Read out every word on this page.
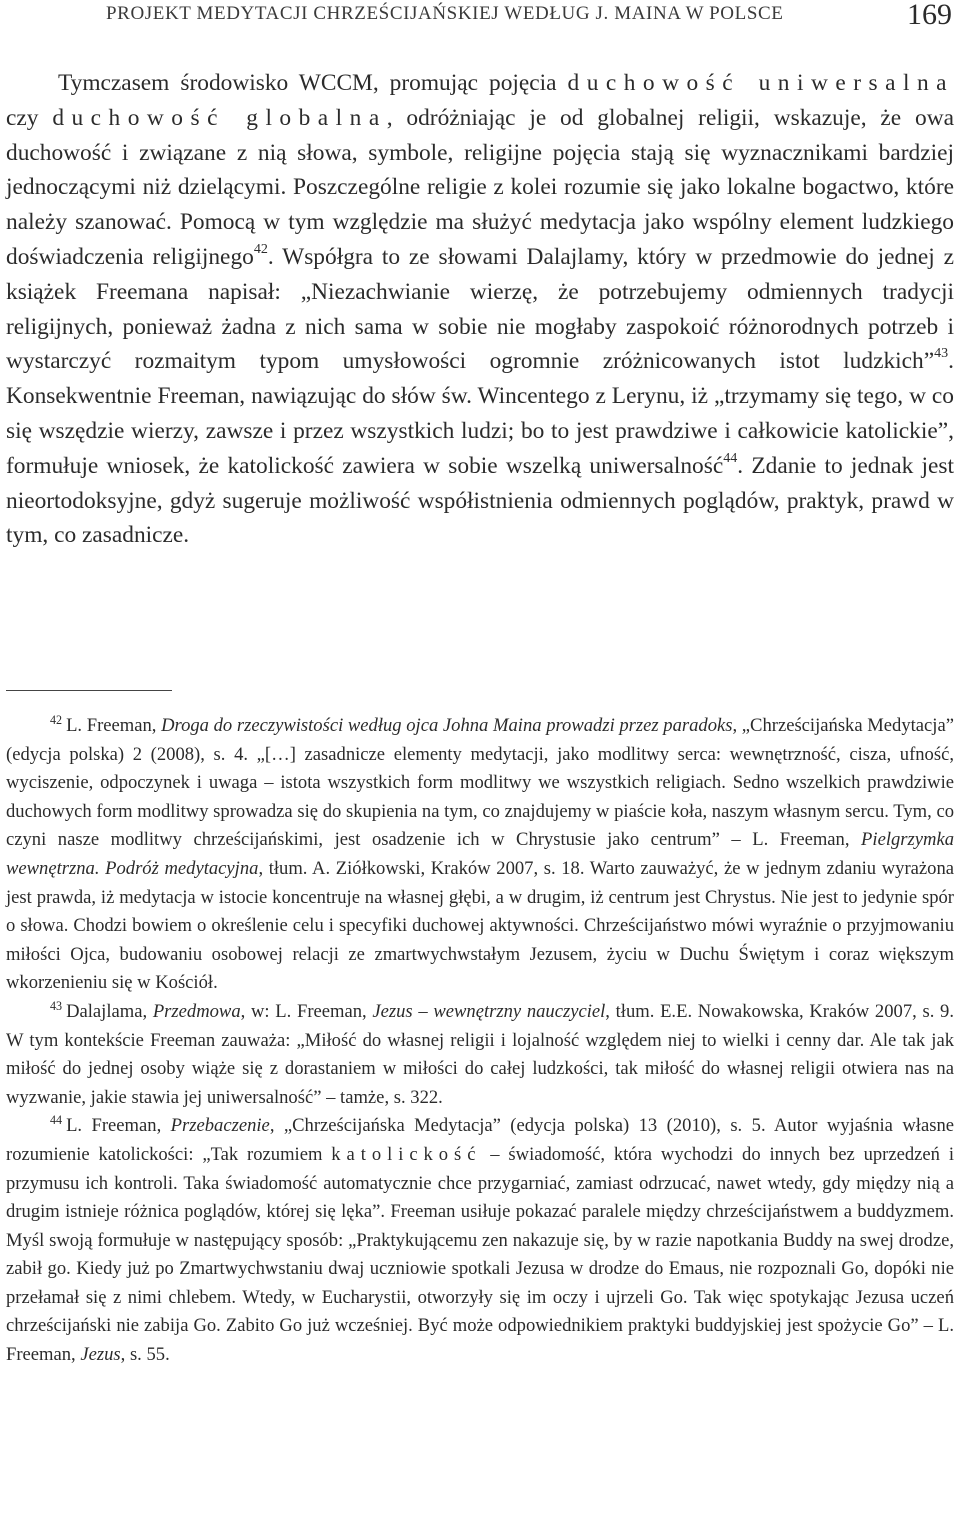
PROJEKT MEDYTACJI CHRZEŚCIJAŃSKIEJ WEDŁUG J. MAINA W POLSCE	169

Tymczasem środowisko WCCM, promując pojęcia duchowość uniwersalna czy duchowość globalna, odróżniając je od globalnej religii, wskazuje, że owa duchowość i związane z nią słowa, symbole, religijne pojęcia stają się wyznacznikami bardziej jednoczącymi niż dzielącymi. Poszczególne religie z kolei rozumie się jako lokalne bogactwo, które należy szanować. Pomocą w tym względzie ma służyć medytacja jako wspólny element ludzkiego doświadczenia religijnego$^{42}$. Współgra to ze słowami Dalajlamy, który w przedmowie do jednej z książek Freemana napisał: „Niezachwianie wierzę, że potrzebujemy odmiennych tradycji religijnych, ponieważ żadna z nich sama w sobie nie mogłaby zaspokoić różnorodnych potrzeb i wystarczyć rozmaitym typom umysłowości ogromnie zróżnicowanych istot ludzkich”$^{43}$. Konsekwentnie Freeman, nawiązując do słów św. Wincentego z Lerynu, iż „trzymamy się tego, w co się wszędzie wierzy, zawsze i przez wszystkich ludzi; bo to jest prawdziwe i całkowicie katolickie”, formułuje wniosek, że katolickość zawiera w sobie wszelką uniwersalność$^{44}$. Zdanie to jednak jest nieortodoksyjne, gdyż sugeruje możliwość współistnienia odmiennych poglądów, praktyk, prawd w tym, co zasadnicze.

$^{42}$ L. Freeman, Droga do rzeczywistości według ojca Johna Maina prowadzi przez paradoks, „Chrześcijańska Medytacja” (edycja polska) 2 (2008), s. 4. „[…] zasadnicze elementy medytacji, jako modlitwy serca: wewnętrzność, cisza, ufność, wyciszenie, odpoczynek i uwaga – istota wszystkich form modlitwy we wszystkich religiach. Sedno wszelkich prawdziwie duchowych form modlitwy sprowadza się do skupienia na tym, co znajdujemy w piaście koła, naszym własnym sercu. Tym, co czyni nasze modlitwy chrześcijańskimi, jest osadzenie ich w Chrystusie jako centrum” – L. Freeman, Pielgrzymka wewnętrzna. Podróż medytacyjna, tłum. A. Ziółkowski, Kraków 2007, s. 18. Warto zauważyć, że w jednym zdaniu wyrażona jest prawda, iż medytacja w istocie koncentruje na własnej głębi, a w drugim, iż centrum jest Chrystus. Nie jest to jedynie spór o słowa. Chodzi bowiem o określenie celu i specyfiki duchowej aktywności. Chrześcijaństwo mówi wyraźnie o przyjmowaniu miłości Ojca, budowaniu osobowej relacji ze zmartwychwstałym Jezusem, życiu w Duchu Świętym i coraz większym wkorzenieniu się w Kościół.

$^{43}$ Dalajlama, Przedmowa, w: L. Freeman, Jezus – wewnętrzny nauczyciel, tłum. E.E. Nowakowska, Kraków 2007, s. 9. W tym kontekście Freeman zauważa: „Miłość do własnej religii i lojalność względem niej to wielki i cenny dar. Ale tak jak miłość do jednej osoby wiąże się z dorastaniem w miłości do całej ludzkości, tak miłość do własnej religii otwiera nas na wyzwanie, jakie stawia jej uniwersalność” – tamże, s. 322.

$^{44}$ L. Freeman, Przebaczenie, „Chrześcijańska Medytacja” (edycja polska) 13 (2010), s. 5. Autor wyjaśnia własne rozumienie katolickości: „Tak rozumiem katolickość – świadomość, która wychodzi do innych bez uprzedzeń i przymusu ich kontroli. Taka świadomość automatycznie chce przygarniać, zamiast odrzucać, nawet wtedy, gdy między nią a drugim istnieje różnica poglądów, której się lęka”. Freeman usiłuje pokazać paralele między chrześcijaństwem a buddyzmem. Myśl swoją formułuje w następujący sposób: „Praktykującemu zen nakazuje się, by w razie napotkania Buddy na swej drodze, zabił go. Kiedy już po Zmartwychwstaniu dwaj uczniowie spotkali Jezusa w drodze do Emaus, nie rozpoznali Go, dopóki nie przełamał się z nimi chlebem. Wtedy, w Eucharystii, otworzyły się im oczy i ujrzeli Go. Tak więc spotykając Jezusa uczeń chrześcijański nie zabija Go. Zabito Go już wcześniej. Być może odpowiednikiem praktyki buddyjskiej jest spożycie Go” – L. Freeman, Jezus, s. 55.
